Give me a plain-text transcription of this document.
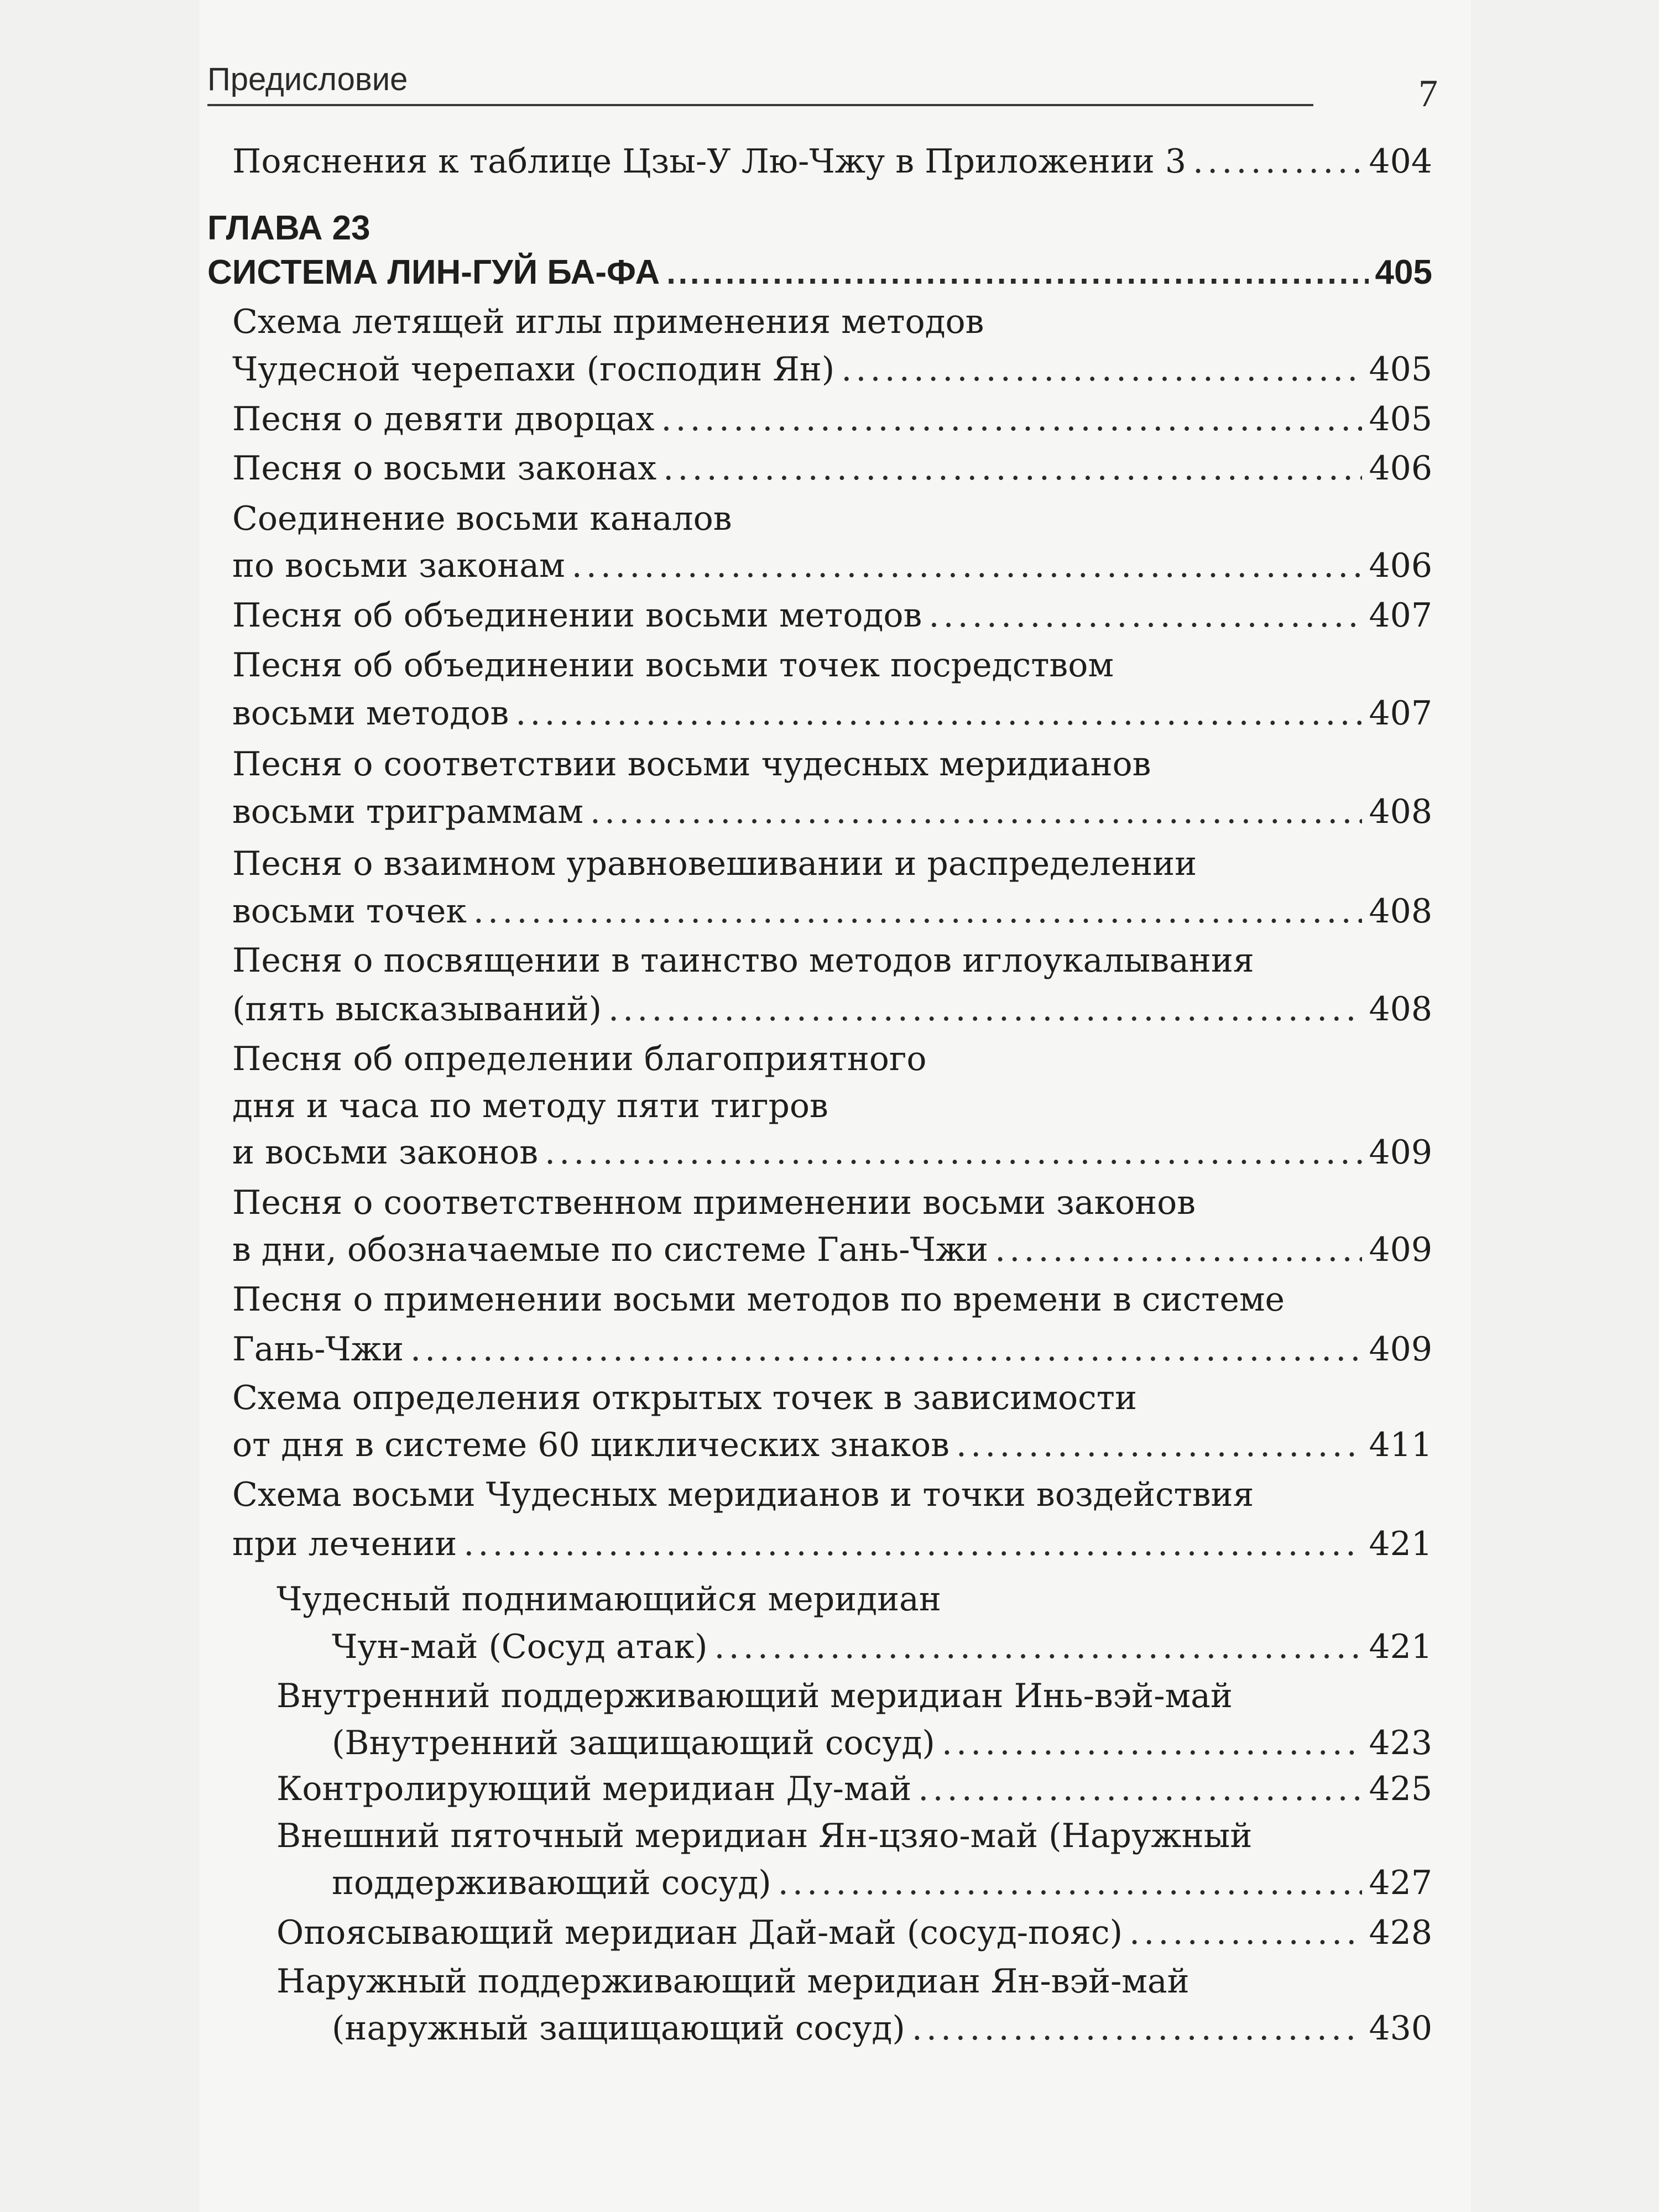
Предисловие	7
Пояснения к таблице Цзы-У Лю-Чжу в Приложении 3 . . .	404
ГЛАВА 23
СИСТЕМА ЛИН-ГУЙ БА-ФА . . .	405
Схема летящей иглы применения методов
Чудесной черепахи (господин Ян) . . .	405
Песня о девяти дворцах . . .	405
Песня о восьми законах . . .	406
Соединение восьми каналов
по восьми законам . . .	406
Песня об объединении восьми методов . . .	407
Песня об объединении восьми точек посредством
восьми методов . . .	407
Песня о соответствии восьми чудесных меридианов
восьми триграммам . . .	408
Песня о взаимном уравновешивании и распределении
восьми точек . . .	408
Песня о посвящении в таинство методов иглоукалывания
(пять высказываний) . . .	408
Песня об определении благоприятного
дня и часа по методу пяти тигров
и восьми законов . . .	409
Песня о соответственном применении восьми законов
в дни, обозначаемые по системе Гань-Чжи . . .	409
Песня о применении восьми методов по времени в системе
Гань-Чжи . . .	409
Схема определения открытых точек в зависимости
от дня в системе 60 циклических знаков . . .	411
Схема восьми Чудесных меридианов и точки воздействия
при лечении . . .	421
Чудесный поднимающийся меридиан
Чун-май (Сосуд атак) . . .	421
Внутренний поддерживающий меридиан Инь-вэй-май
(Внутренний защищающий сосуд) . . .	423
Контролирующий меридиан Ду-май . . .	425
Внешний пяточный меридиан Ян-цзяо-май (Наружный
поддерживающий сосуд) . . .	427
Опоясывающий меридиан Дай-май (сосуд-пояс) . . .	428
Наружный поддерживающий меридиан Ян-вэй-май
(наружный защищающий сосуд) . . .	430
